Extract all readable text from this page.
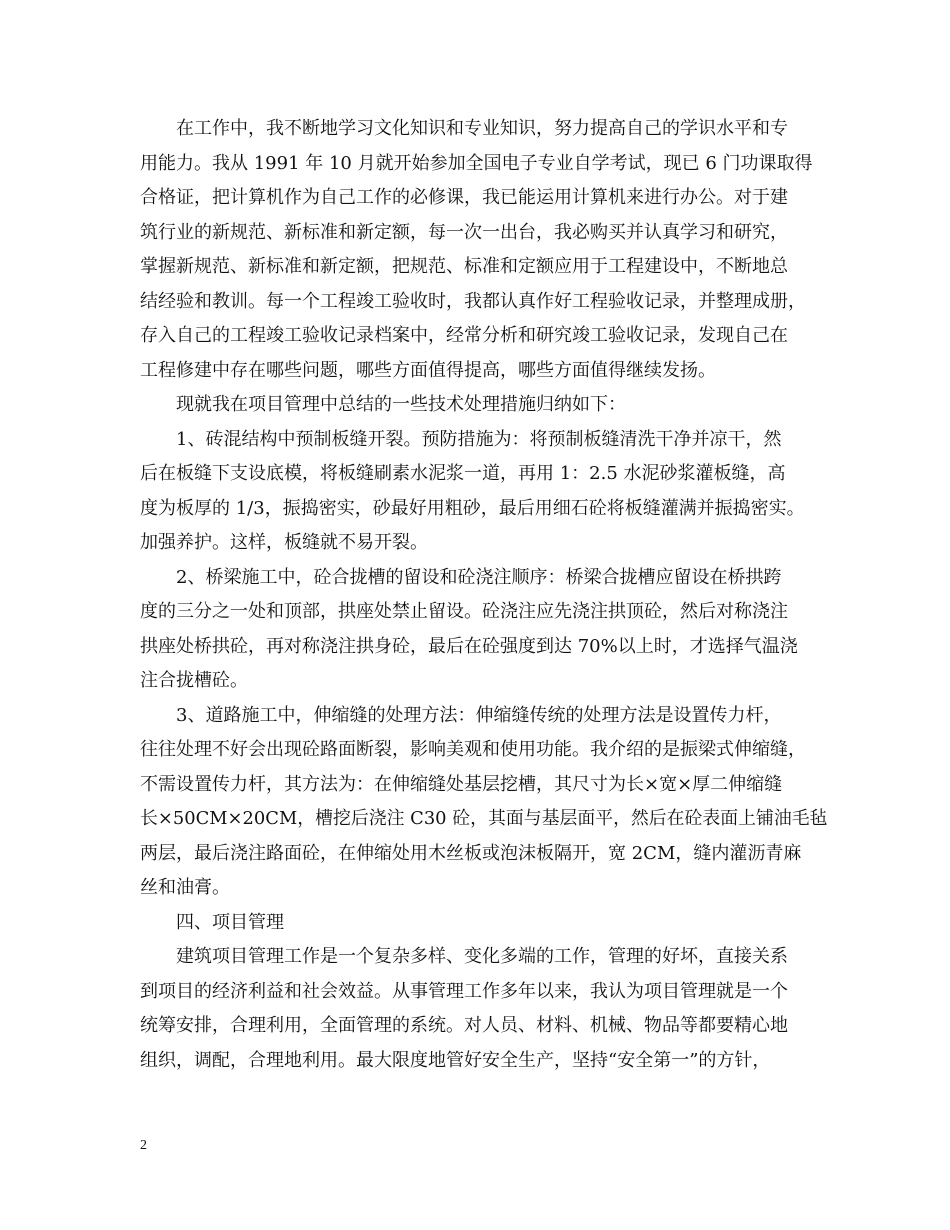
在工作中，我不断地学习文化知识和专业知识，努力提高自己的学识水平和专
用能力。我从 1991 年 10 月就开始参加全国电子专业自学考试，现已 6 门功课取得
合格证，把计算机作为自己工作的必修课，我已能运用计算机来进行办公。对于建
筑行业的新规范、新标准和新定额，每一次一出台，我必购买并认真学习和研究，
掌握新规范、新标准和新定额，把规范、标准和定额应用于工程建设中，不断地总
结经验和教训。每一个工程竣工验收时，我都认真作好工程验收记录，并整理成册，
存入自己的工程竣工验收记录档案中，经常分析和研究竣工验收记录，发现自己在
工程修建中存在哪些问题，哪些方面值得提高，哪些方面值得继续发扬。
现就我在项目管理中总结的一些技术处理措施归纳如下：
1、砖混结构中预制板缝开裂。预防措施为：将预制板缝清洗干净并凉干，然
后在板缝下支设底模，将板缝刷素水泥浆一道，再用 1：2.5 水泥砂浆灌板缝，高
度为板厚的 1/3，振捣密实，砂最好用粗砂，最后用细石砼将板缝灌满并振捣密实。
加强养护。这样，板缝就不易开裂。
2、桥梁施工中，砼合拢槽的留设和砼浇注顺序：桥梁合拢槽应留设在桥拱跨
度的三分之一处和顶部，拱座处禁止留设。砼浇注应先浇注拱顶砼，然后对称浇注
拱座处桥拱砼，再对称浇注拱身砼，最后在砼强度到达 70%以上时，才选择气温浇
注合拢槽砼。
3、道路施工中，伸缩缝的处理方法：伸缩缝传统的处理方法是设置传力杆，
往往处理不好会出现砼路面断裂，影响美观和使用功能。我介绍的是振梁式伸缩缝，
不需设置传力杆，其方法为：在伸缩缝处基层挖槽，其尺寸为长×宽×厚二伸缩缝
长×50CM×20CM，槽挖后浇注 C30 砼，其面与基层面平，然后在砼表面上铺油毛毡
两层，最后浇注路面砼，在伸缩处用木丝板或泡沫板隔开，宽 2CM，缝内灌沥青麻
丝和油膏。
四、项目管理
建筑项目管理工作是一个复杂多样、变化多端的工作，管理的好坏，直接关系
到项目的经济利益和社会效益。从事管理工作多年以来，我认为项目管理就是一个
统筹安排，合理利用，全面管理的系统。对人员、材料、机械、物品等都要精心地
组织，调配，合理地利用。最大限度地管好安全生产，坚持“安全第一”的方针，
2
